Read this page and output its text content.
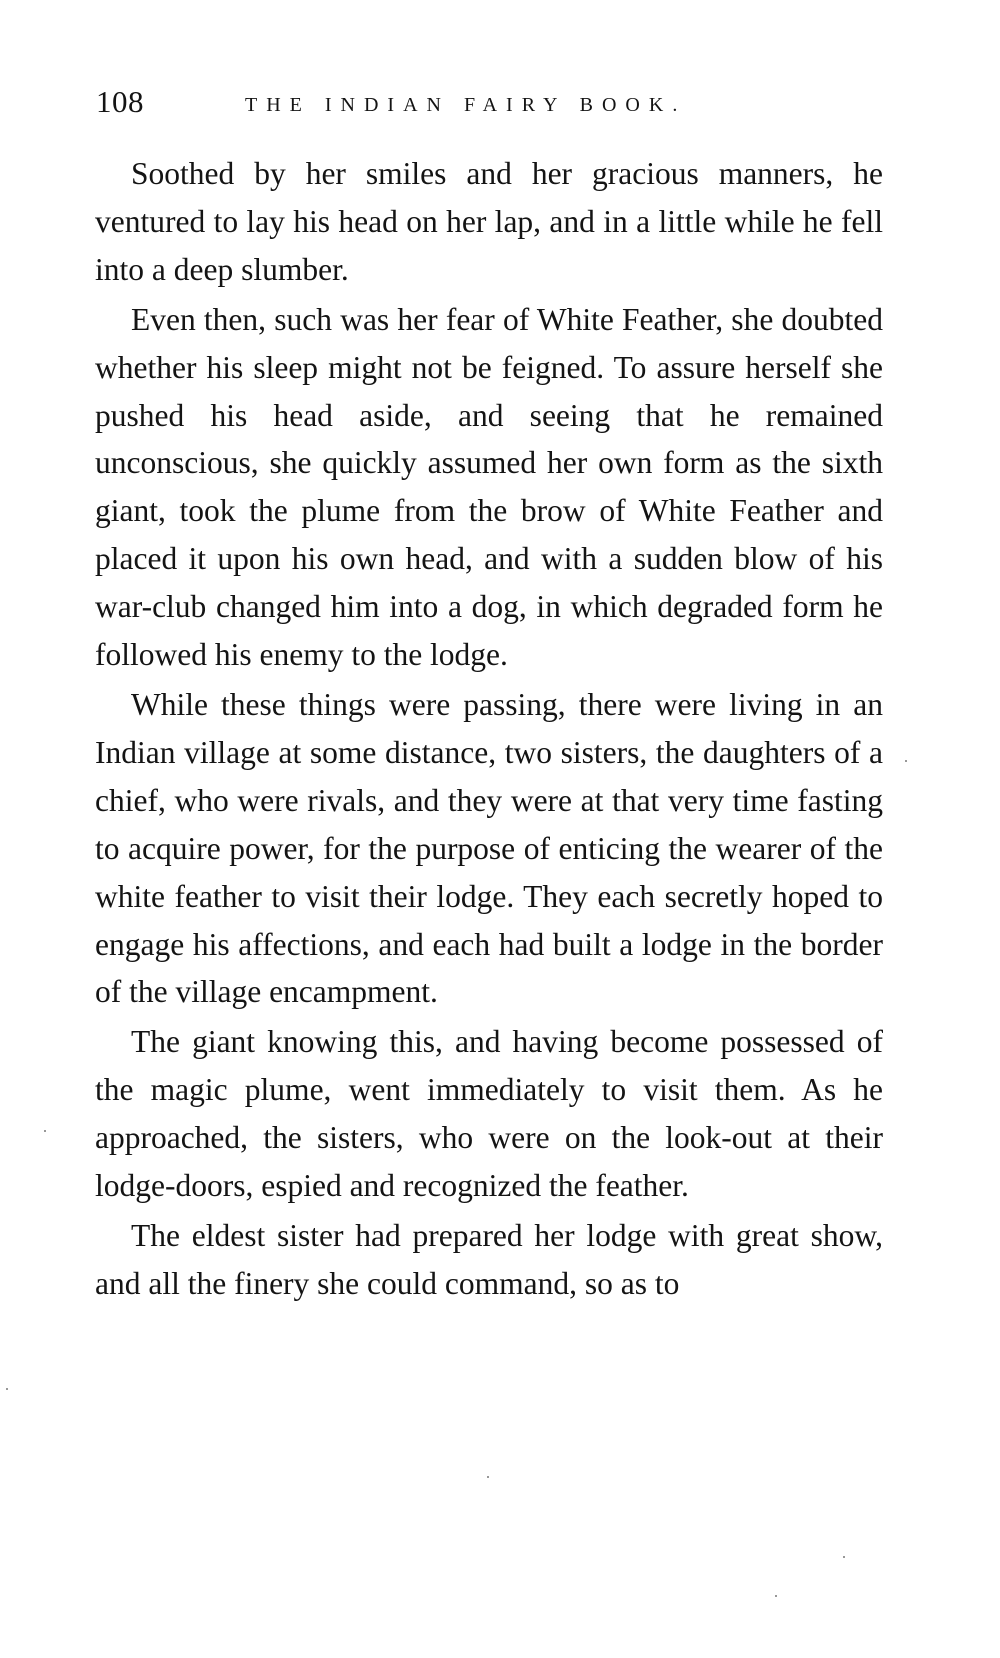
108	THE INDIAN FAIRY BOOK.

Soothed by her smiles and her gracious manners, he ventured to lay his head on her lap, and in a little while he fell into a deep slumber.

Even then, such was her fear of White Feather, she doubted whether his sleep might not be feigned. To assure herself she pushed his head aside, and seeing that he remained unconscious, she quickly assumed her own form as the sixth giant, took the plume from the brow of White Feather and placed it upon his own head, and with a sudden blow of his war-club changed him into a dog, in which degraded form he followed his enemy to the lodge.

While these things were passing, there were living in an Indian village at some distance, two sisters, the daughters of a chief, who were rivals, and they were at that very time fasting to acquire power, for the purpose of enticing the wearer of the white feather to visit their lodge. They each secretly hoped to engage his affections, and each had built a lodge in the border of the village encampment.

The giant knowing this, and having become possessed of the magic plume, went immediately to visit them. As he approached, the sisters, who were on the look-out at their lodge-doors, espied and recognized the feather.

The eldest sister had prepared her lodge with great show, and all the finery she could command, so as to
